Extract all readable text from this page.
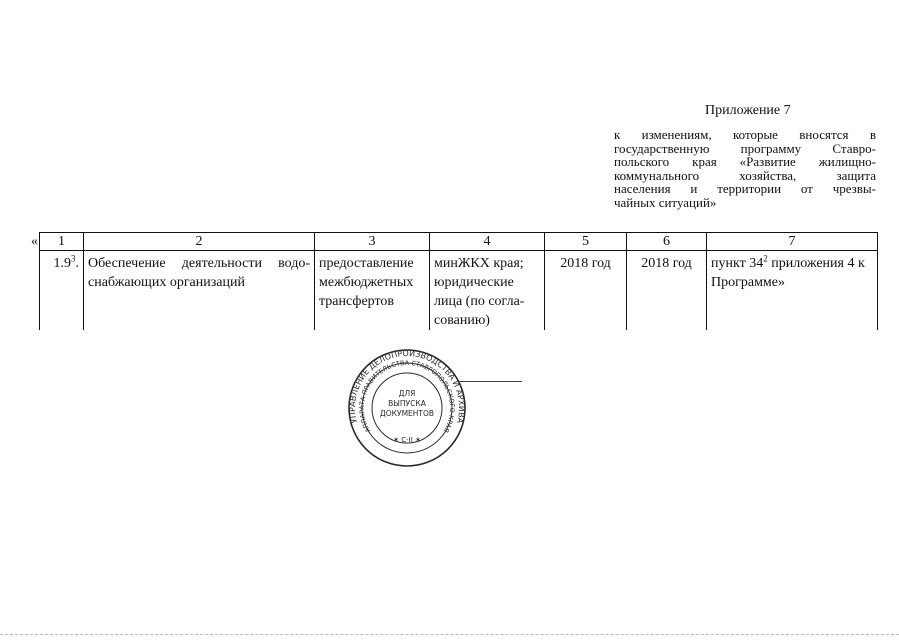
Приложение 7
к изменениям, которые вносятся в
государственную программу Ставро-
польского края «Развитие жилищно-
коммунального хозяйства, защита
населения и территории от чрезвы-
чайных ситуаций»
« 1	2	3	4	5	6	7
$1.9^3$.	Обеспечение деятельности водо-снабжающих организаций	предоставление межбюджетных трансфертов	минЖКХ края; юридические лица (по согла-сованию)	2018 год	2018 год	пункт $34^2$ приложения 4 к Программе»
УПРАВЛЕНИЕ ДЕЛОПРОИЗВОДСТВА И АРХИВА
АППАРАТА ПРАВИТЕЛЬСТВА СТАВРОПОЛЬСКОГО КРАЯ
ДЛЯ
ВЫПУСКА
ДОКУМЕНТОВ
✶ С-II ✶
